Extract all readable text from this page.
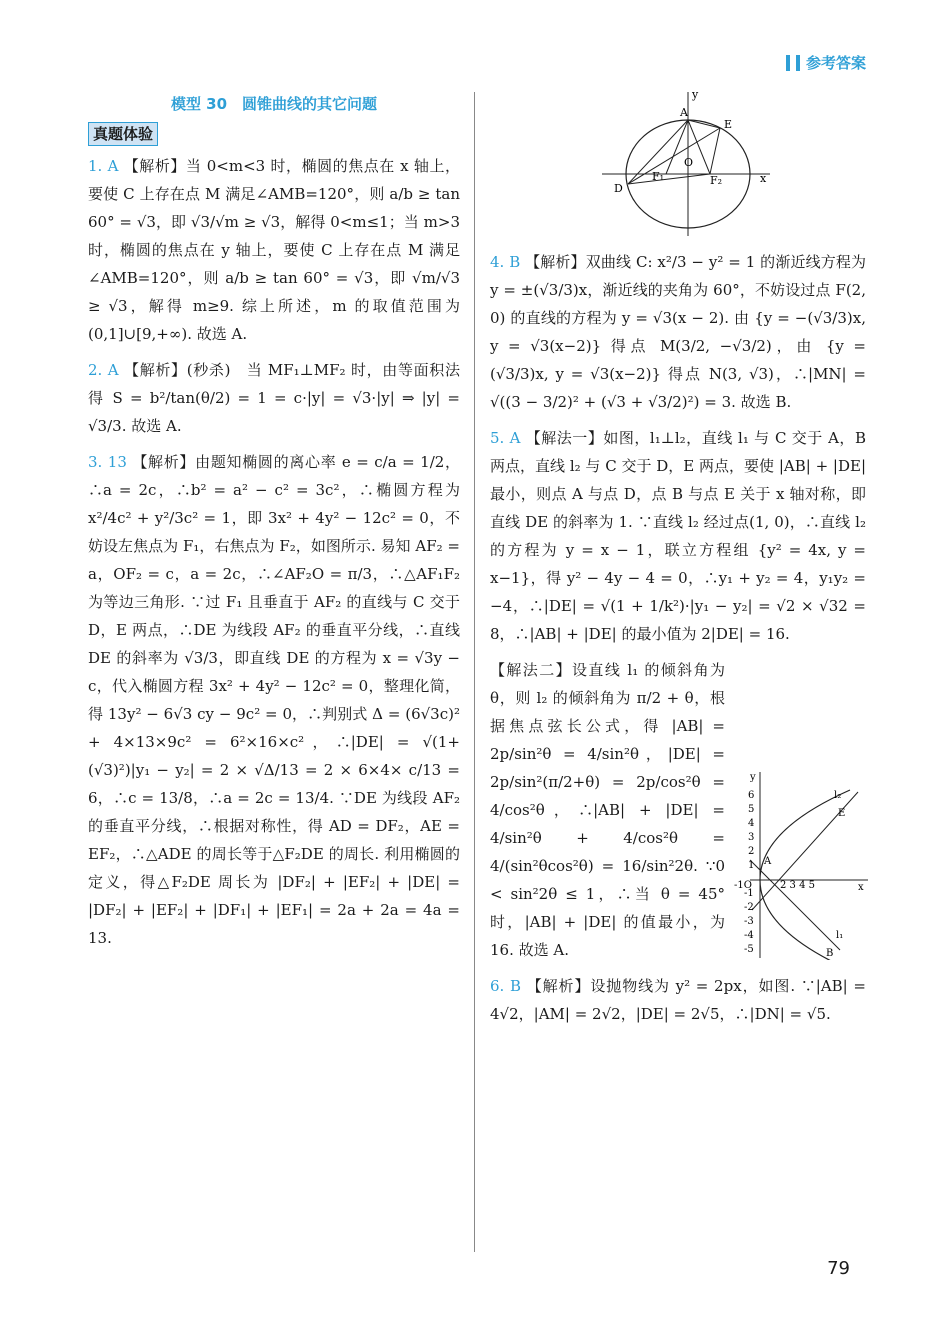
参考答案
模型 30　圆锥曲线的其它问题
真题体验
1. A 【解析】当 0<m<3 时，椭圆的焦点在 x 轴上，要使 C 上存在点 M 满足∠AMB=120°，则 a/b ≥ tan 60° = √3，即 √3/√m ≥ √3，解得 0<m≤1；当 m>3 时，椭圆的焦点在 y 轴上，要使 C 上存在点 M 满足∠AMB=120°，则 a/b ≥ tan 60° = √3，即 √m/√3 ≥ √3，解得 m≥9. 综上所述，m 的取值范围为(0,1]∪[9,+∞). 故选 A.
2. A 【解析】(秒杀)　当 MF₁⊥MF₂ 时，由等面积法得 S = b²/tan(θ/2) = 1 = c·|y| = √3·|y| ⇒ |y| = √3/3. 故选 A.
3. 13 【解析】由题知椭圆的离心率 e = c/a = 1/2，∴a = 2c，∴b² = a² − c² = 3c²，∴椭圆方程为 x²/4c² + y²/3c² = 1，即 3x² + 4y² − 12c² = 0，不妨设左焦点为 F₁，右焦点为 F₂，如图所示. 易知 AF₂ = a，OF₂ = c，a = 2c，∴∠AF₂O = π/3，∴△AF₁F₂ 为等边三角形. ∵过 F₁ 且垂直于 AF₂ 的直线与 C 交于 D，E 两点，∴DE 为线段 AF₂ 的垂直平分线，∴直线 DE 的斜率为 √3/3，即直线 DE 的方程为 x = √3y − c，代入椭圆方程 3x² + 4y² − 12c² = 0，整理化简，得 13y² − 6√3 cy − 9c² = 0，∴判别式 Δ = (6√3c)² + 4×13×9c² = 6²×16×c²，∴|DE| = √(1+(√3)²)|y₁ − y₂| = 2 × √Δ/13 = 2 × 6×4× c/13 = 6，∴c = 13/8，∴a = 2c = 13/4. ∵DE 为线段 AF₂ 的垂直平分线，∴根据对称性，得 AD = DF₂，AE = EF₂，∴△ADE 的周长等于△F₂DE 的周长. 利用椭圆的定义，得△F₂DE 周长为 |DF₂| + |EF₂| + |DE| = |DF₂| + |EF₂| + |DF₁| + |EF₁| = 2a + 2a = 4a = 13.
y
A
E
O
F₁	F₂
D
x
4. B 【解析】双曲线 C: x²/3 − y² = 1 的渐近线方程为 y = ±(√3/3)x，渐近线的夹角为 60°，不妨设过点 F(2, 0) 的直线的方程为 y = √3(x − 2). 由 {y = −(√3/3)x, y = √3(x−2)} 得点 M(3/2, −√3/2)，由 {y = (√3/3)x, y = √3(x−2)} 得点 N(3, √3)，∴|MN| = √((3 − 3/2)² + (√3 + √3/2)²) = 3. 故选 B.
5. A 【解法一】如图，l₁⊥l₂，直线 l₁ 与 C 交于 A，B 两点，直线 l₂ 与 C 交于 D，E 两点，要使 |AB| + |DE| 最小，则点 A 与点 D，点 B 与点 E 关于 x 轴对称，即直线 DE 的斜率为 1. ∵直线 l₂ 经过点(1, 0)，∴直线 l₂ 的方程为 y = x − 1，联立方程组 {y² = 4x, y = x−1}，得 y² − 4y − 4 = 0，∴y₁ + y₂ = 4，y₁y₂ = −4，∴|DE| = √(1 + 1/k²)·|y₁ − y₂| = √2 × √32 = 8，∴|AB| + |DE| 的最小值为 2|DE| = 16.
【解法二】设直线 l₁ 的倾斜角为 θ，则 l₂ 的倾斜角为 π/2 + θ，根据焦点弦长公式，得 |AB| = 2p/sin²θ = 4/sin²θ，|DE| = 2p/sin²(π/2+θ) = 2p/cos²θ = 4/cos²θ，∴|AB| + |DE| = 4/sin²θ + 4/cos²θ = 4/(sin²θcos²θ) = 16/sin²2θ. ∵0 < sin²2θ ≤ 1，∴当 θ = 45° 时，|AB| + |DE| 的值最小，为 16. 故选 A.
6. B 【解析】设抛物线为 y² = 2px，如图. ∵|AB| = 4√2，|AM| = 2√2，|DE| = 2√5，∴|DN| = √5.
y
6
5
4
3
2
1
-1O	2 3 4 5	x
-1
-2
-3
-4
-5
l₂
E
A
l₁
B
79
